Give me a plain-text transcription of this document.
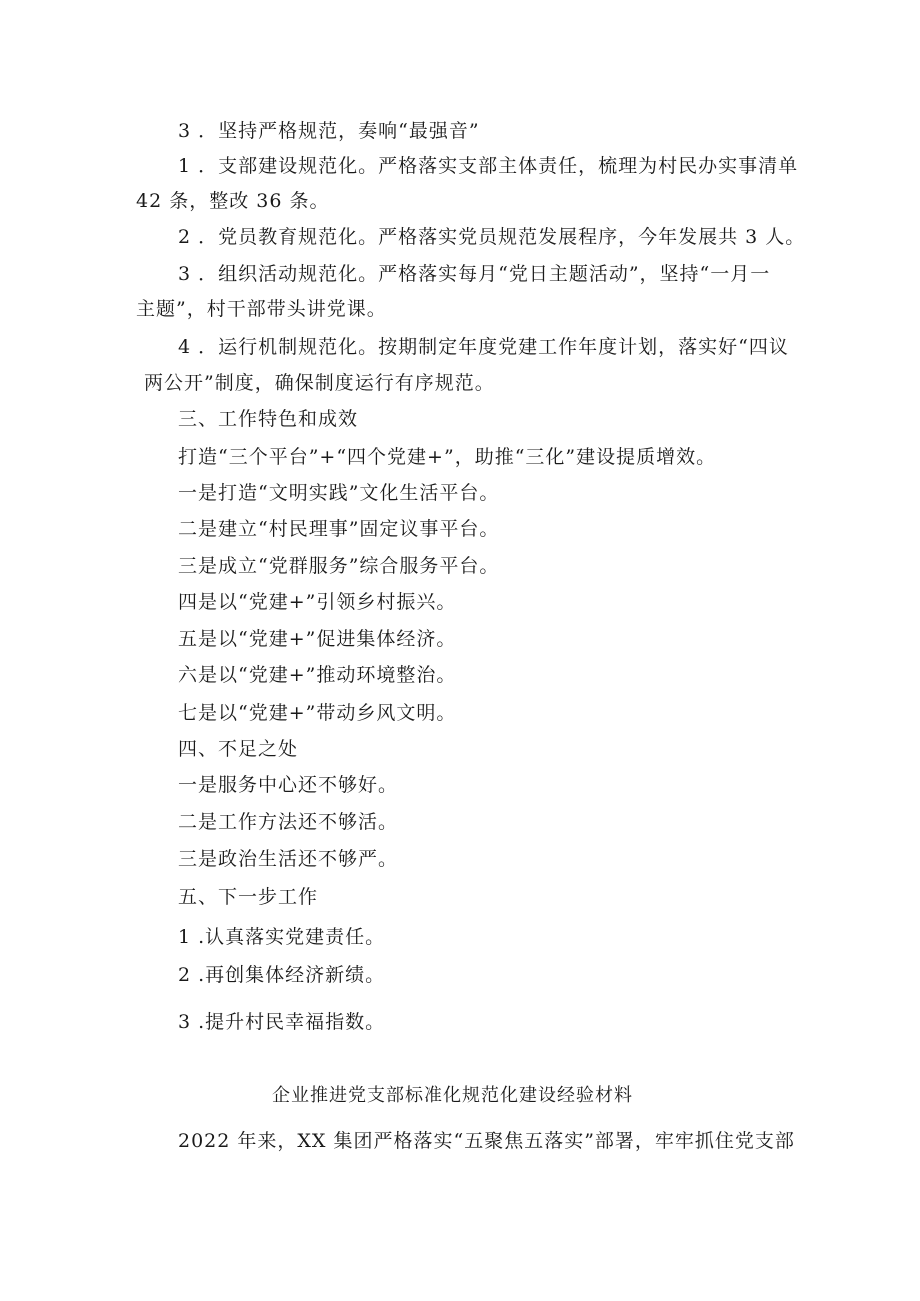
3 ．坚持严格规范，奏响“最强音”
1 ．支部建设规范化。严格落实支部主体责任，梳理为村民办实事清单
42 条，整改 36 条。
2 ．党员教育规范化。严格落实党员规范发展程序，今年发展共 3 人。
3 ．组织活动规范化。严格落实每月“党日主题活动”，坚持“一月一
主题”，村干部带头讲党课。
4 ．运行机制规范化。按期制定年度党建工作年度计划，落实好“四议
两公开”制度，确保制度运行有序规范。
三、工作特色和成效
打造“三个平台”+“四个党建+”，助推“三化”建设提质增效。
一是打造“文明实践”文化生活平台。
二是建立“村民理事”固定议事平台。
三是成立“党群服务”综合服务平台。
四是以“党建+”引领乡村振兴。
五是以“党建+”促进集体经济。
六是以“党建+”推动环境整治。
七是以“党建+”带动乡风文明。
四、不足之处
一是服务中心还不够好。
二是工作方法还不够活。
三是政治生活还不够严。
五、下一步工作
1 .认真落实党建责任。
2 .再创集体经济新绩。
3 .提升村民幸福指数。
企业推进党支部标准化规范化建设经验材料
2022 年来，XX 集团严格落实“五聚焦五落实”部署，牢牢抓住党支部
